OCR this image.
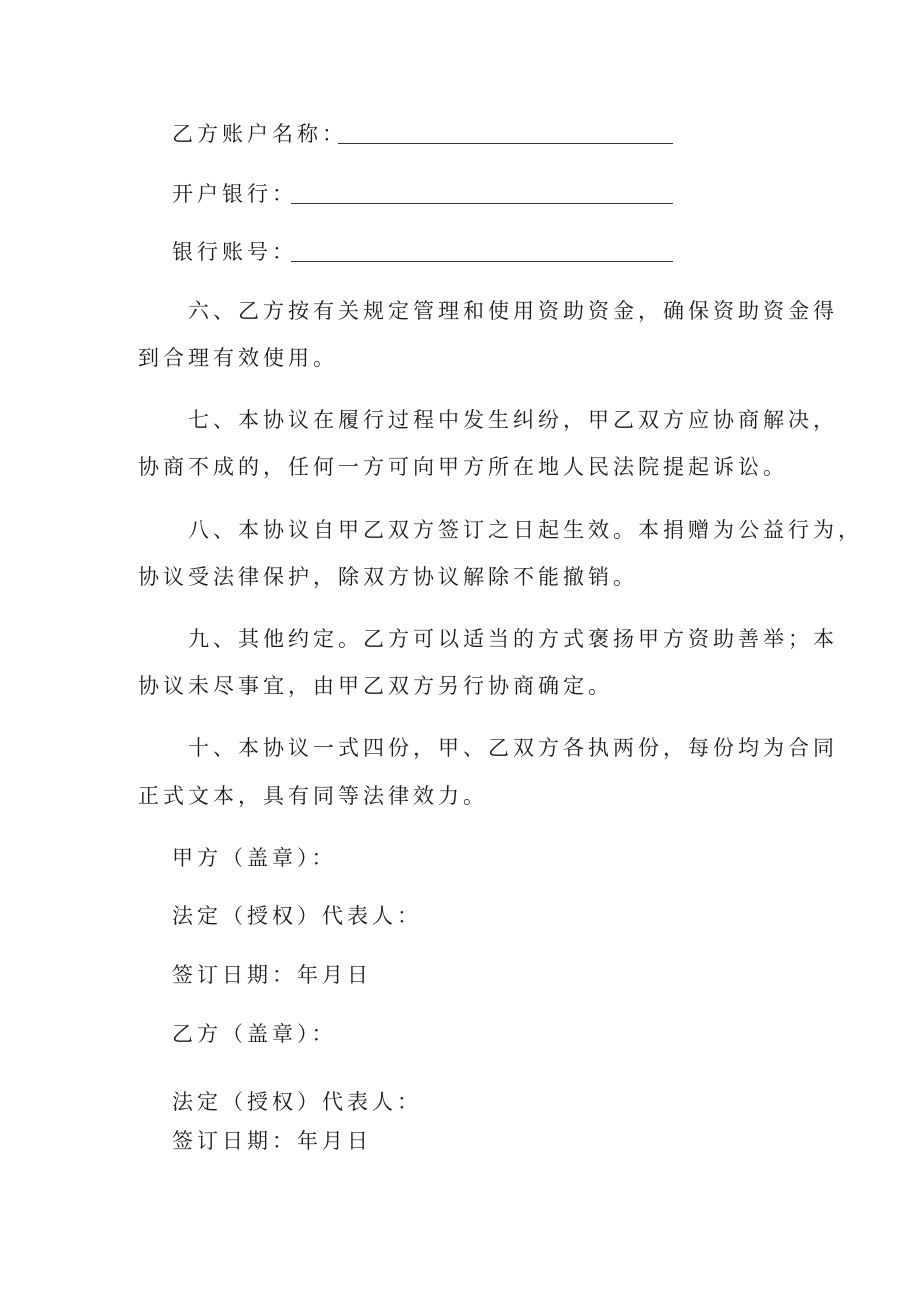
乙方账户名称：
开户银行：
银行账号：
六、乙方按有关规定管理和使用资助资金，确保资助资金得
到合理有效使用。
七、本协议在履行过程中发生纠纷，甲乙双方应协商解决，
协商不成的，任何一方可向甲方所在地人民法院提起诉讼。
八、本协议自甲乙双方签订之日起生效。本捐赠为公益行为，
协议受法律保护，除双方协议解除不能撤销。
九、其他约定。乙方可以适当的方式褒扬甲方资助善举；本
协议未尽事宜，由甲乙双方另行协商确定。
十、本协议一式四份，甲、乙双方各执两份，每份均为合同
正式文本，具有同等法律效力。
甲方（盖章）：
法定（授权）代表人：
签订日期：年月日
乙方（盖章）：
法定（授权）代表人：
签订日期：年月日
